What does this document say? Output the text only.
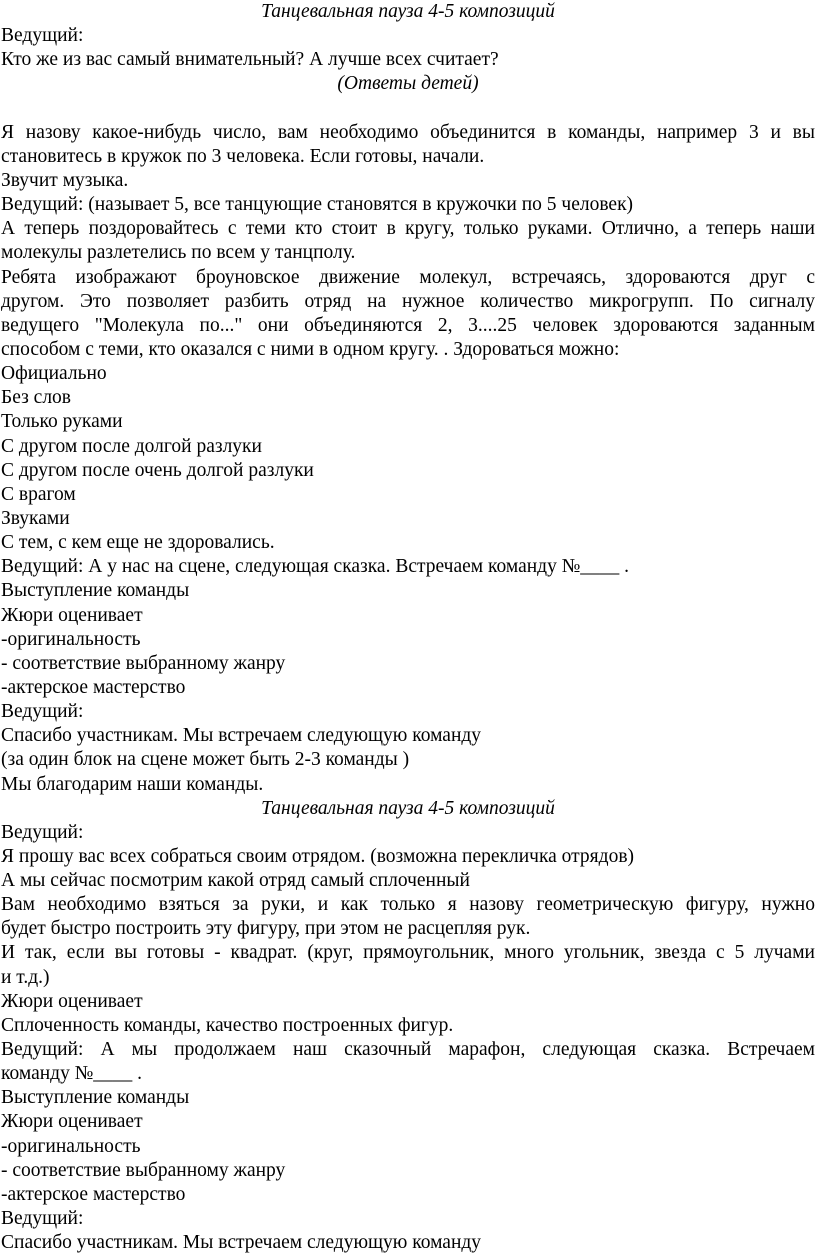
Танцевальная пауза 4-5 композиций
Ведущий:
Кто же из вас самый внимательный? А лучше всех считает?
(Ответы детей)
Я назову какое-нибудь число, вам необходимо объединится в команды, например 3 и вы
становитесь в кружок по 3 человека. Если готовы, начали.
Звучит музыка.
Ведущий: (называет 5, все танцующие становятся в кружочки по 5 человек)
А теперь поздоровайтесь с теми кто стоит в кругу, только руками. Отлично, а теперь наши
молекулы разлетелись по всем у танцполу.
Ребята изображают броуновское движение молекул, встречаясь, здороваются друг с
другом. Это позволяет разбить отряд на нужное количество микрогрупп. По сигналу
ведущего "Молекула по..." они объединяются 2, 3....25 человек здороваются заданным
способом с теми, кто оказался с ними в одном кругу. . Здороваться можно:
Официально
Без слов
Только руками
С другом после долгой разлуки
С другом после очень долгой разлуки
С врагом
Звуками
С тем, с кем еще не здоровались.
Ведущий: А у нас на сцене, следующая сказка. Встречаем команду №____ .
Выступление команды
Жюри оценивает
-оригинальность
- соответствие выбранному жанру
-актерское мастерство
Ведущий:
Спасибо участникам. Мы встречаем следующую команду
(за один блок на сцене может быть 2-3 команды )
Мы благодарим наши команды.
Танцевальная пауза 4-5 композиций
Ведущий:
Я прошу вас всех собраться своим отрядом. (возможна перекличка отрядов)
А мы сейчас посмотрим какой отряд самый сплоченный
Вам необходимо взяться за руки, и как только я назову геометрическую фигуру, нужно
будет быстро построить эту фигуру, при этом не расцепляя рук.
И так, если вы готовы - квадрат. (круг, прямоугольник, много угольник, звезда с 5 лучами
и т.д.)
Жюри оценивает
Сплоченность команды, качество построенных фигур.
Ведущий: А мы продолжаем наш сказочный марафон, следующая сказка. Встречаем
команду №____ .
Выступление команды
Жюри оценивает
-оригинальность
- соответствие выбранному жанру
-актерское мастерство
Ведущий:
Спасибо участникам. Мы встречаем следующую команду
